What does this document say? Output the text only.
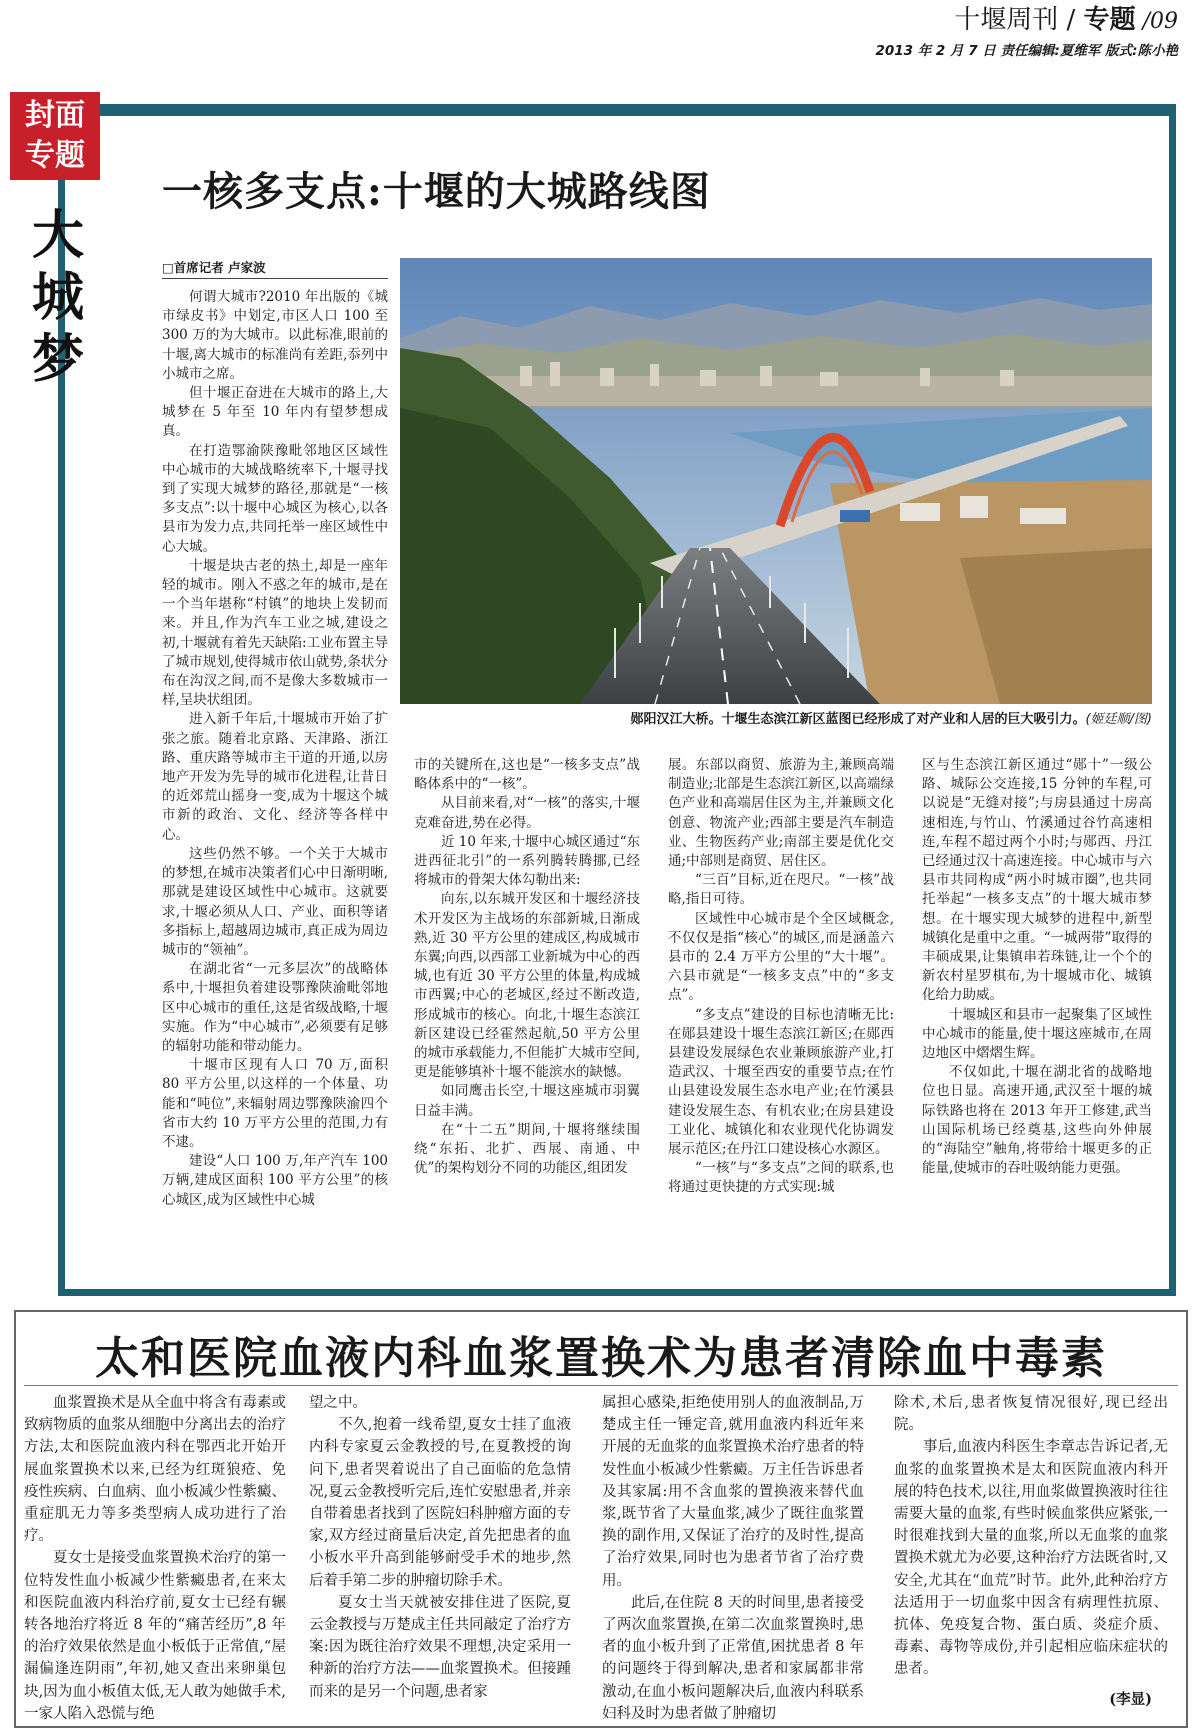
十堰周刊 / 专题 /09
2013 年 2 月 7 日 责任编辑:夏维军 版式:陈小艳
封面
专题
大城梦
一核多支点:十堰的大城路线图
□首席记者 卢家波
郧阳汉江大桥。十堰生态滨江新区蓝图已经形成了对产业和人居的巨大吸引力。(姬廷顺/图)

何谓大城市?2010 年出版的《城市绿皮书》中划定,市区人口 100 至 300 万的为大城市。以此标准,眼前的十堰,离大城市的标准尚有差距,忝列中小城市之席。

但十堰正奋进在大城市的路上,大城梦在 5 年至 10 年内有望梦想成真。

在打造鄂渝陕豫毗邻地区区域性中心城市的大城战略统率下,十堰寻找到了实现大城梦的路径,那就是“一核多支点”:以十堰中心城区为核心,以各县市为发力点,共同托举一座区域性中心大城。

十堰是块古老的热土,却是一座年轻的城市。刚入不惑之年的城市,是在一个当年堪称“村镇”的地块上发韧而来。并且,作为汽车工业之城,建设之初,十堰就有着先天缺陷:工业布置主导了城市规划,使得城市依山就势,条状分布在沟汊之间,而不是像大多数城市一样,呈块状组团。

进入新千年后,十堰城市开始了扩张之旅。随着北京路、天津路、浙江路、重庆路等城市主干道的开通,以房地产开发为先导的城市化进程,让昔日的近郊荒山摇身一变,成为十堰这个城市新的政治、文化、经济等各样中心。

这些仍然不够。一个关于大城市的梦想,在城市决策者们心中日渐明晰,那就是建设区域性中心城市。这就要求,十堰必须从人口、产业、面积等诸多指标上,超越周边城市,真正成为周边城市的“领袖”。

在湖北省“一元多层次”的战略体系中,十堰担负着建设鄂豫陕渝毗邻地区中心城市的重任,这是省级战略,十堰实施。作为“中心城市”,必须要有足够的辐射功能和带动能力。

十堰市区现有人口 70 万,面积 80 平方公里,以这样的一个体量、功能和“吨位”,来辐射周边鄂豫陕渝四个省市大约 10 万平方公里的范围,力有不逮。

建设“人口 100 万,年产汽车 100 万辆,建成区面积 100 平方公里”的核心城区,成为区域性中心城

市的关键所在,这也是“一核多支点”战略体系中的“一核”。

从目前来看,对“一核”的落实,十堰克难奋进,势在必得。

近 10 年来,十堰中心城区通过“东进西征北引”的一系列腾转腾挪,已经将城市的骨架大体勾勒出来:

向东,以东城开发区和十堰经济技术开发区为主战场的东部新城,日渐成熟,近 30 平方公里的建成区,构成城市东翼;向西,以西部工业新城为中心的西城,也有近 30 平方公里的体量,构成城市西翼;中心的老城区,经过不断改造,形成城市的核心。向北,十堰生态滨江新区建设已经霍然起航,50 平方公里的城市承载能力,不但能扩大城市空间,更是能够填补十堰不能滨水的缺憾。

如同鹰击长空,十堰这座城市羽翼日益丰满。

在“十二五”期间,十堰将继续围绕“东拓、北扩、西展、南通、中优”的架构划分不同的功能区,组团发

展。东部以商贸、旅游为主,兼顾高端制造业;北部是生态滨江新区,以高端绿色产业和高端居住区为主,并兼顾文化创意、物流产业;西部主要是汽车制造业、生物医药产业;南部主要是优化交通;中部则是商贸、居住区。

“三百”目标,近在咫尺。“一核”战略,指日可待。

区域性中心城市是个全区域概念,不仅仅是指“核心”的城区,而是涵盖六县市的 2.4 万平方公里的“大十堰”。六县市就是“一核多支点”中的“多支点”。

“多支点”建设的目标也清晰无比:在郧县建设十堰生态滨江新区;在郧西县建设发展绿色农业兼顾旅游产业,打造武汉、十堰至西安的重要节点;在竹山县建设发展生态水电产业;在竹溪县建设发展生态、有机农业;在房县建设工业化、城镇化和农业现代化协调发展示范区;在丹江口建设核心水源区。

“一核”与“多支点”之间的联系,也将通过更快捷的方式实现:城

区与生态滨江新区通过“郧十”一级公路、城际公交连接,15 分钟的车程,可以说是“无缝对接”;与房县通过十房高速相连,与竹山、竹溪通过谷竹高速相连,车程不超过两个小时;与郧西、丹江已经通过汉十高速连接。中心城市与六县市共同构成“两小时城市圈”,也共同托举起“一核多支点”的十堰大城市梦想。在十堰实现大城梦的进程中,新型城镇化是重中之重。“一城两带”取得的丰硕成果,让集镇串若珠链,让一个个的新农村星罗棋布,为十堰城市化、城镇化给力助威。

十堰城区和县市一起聚集了区域性中心城市的能量,使十堰这座城市,在周边地区中熠熠生辉。

不仅如此,十堰在湖北省的战略地位也日显。高速开通,武汉至十堰的城际铁路也将在 2013 年开工修建,武当山国际机场已经奠基,这些向外伸展的“海陆空”触角,将带给十堰更多的正能量,使城市的吞吐吸纳能力更强。

太和医院血液内科血浆置换术为患者清除血中毒素

血浆置换术是从全血中将含有毒素或致病物质的血浆从细胞中分离出去的治疗方法,太和医院血液内科在鄂西北开始开展血浆置换术以来,已经为红斑狼疮、免疫性疾病、白血病、血小板减少性紫癜、重症肌无力等多类型病人成功进行了治疗。

夏女士是接受血浆置换术治疗的第一位特发性血小板减少性紫癜患者,在来太和医院血液内科治疗前,夏女士已经有辗转各地治疗将近 8 年的“痛苦经历”,8 年的治疗效果依然是血小板低于正常值,“屋漏偏逢连阴雨”,年初,她又查出来卵巢包块,因为血小板值太低,无人敢为她做手术,一家人陷入恐慌与绝

望之中。

不久,抱着一线希望,夏女士挂了血液内科专家夏云金教授的号,在夏教授的询问下,患者哭着说出了自己面临的危急情况,夏云金教授听完后,连忙安慰患者,并亲自带着患者找到了医院妇科肿瘤方面的专家,双方经过商量后决定,首先把患者的血小板水平升高到能够耐受手术的地步,然后着手第二步的肿瘤切除手术。

夏女士当天就被安排住进了医院,夏云金教授与万楚成主任共同敲定了治疗方案:因为既往治疗效果不理想,决定采用一种新的治疗方法——血浆置换术。但接踵而来的是另一个问题,患者家

属担心感染,拒绝使用别人的血液制品,万楚成主任一锤定音,就用血液内科近年来开展的无血浆的血浆置换术治疗患者的特发性血小板减少性紫癜。万主任告诉患者及其家属:用不含血浆的置换液来替代血浆,既节省了大量血浆,减少了既往血浆置换的副作用,又保证了治疗的及时性,提高了治疗效果,同时也为患者节省了治疗费用。

此后,在住院 8 天的时间里,患者接受了两次血浆置换,在第二次血浆置换时,患者的血小板升到了正常值,困扰患者 8 年的问题终于得到解决,患者和家属都非常激动,在血小板问题解决后,血液内科联系妇科及时为患者做了肿瘤切

除术,术后,患者恢复情况很好,现已经出院。

事后,血液内科医生李章志告诉记者,无血浆的血浆置换术是太和医院血液内科开展的特色技术,以往,用血浆做置换液时往往需要大量的血浆,有些时候血浆供应紧张,一时很难找到大量的血浆,所以无血浆的血浆置换术就尤为必要,这种治疗方法既省时,又安全,尤其在“血荒”时节。此外,此种治疗方法适用于一切血浆中因含有病理性抗原、抗体、免疫复合物、蛋白质、炎症介质、毒素、毒物等成份,并引起相应临床症状的患者。

(李显)
